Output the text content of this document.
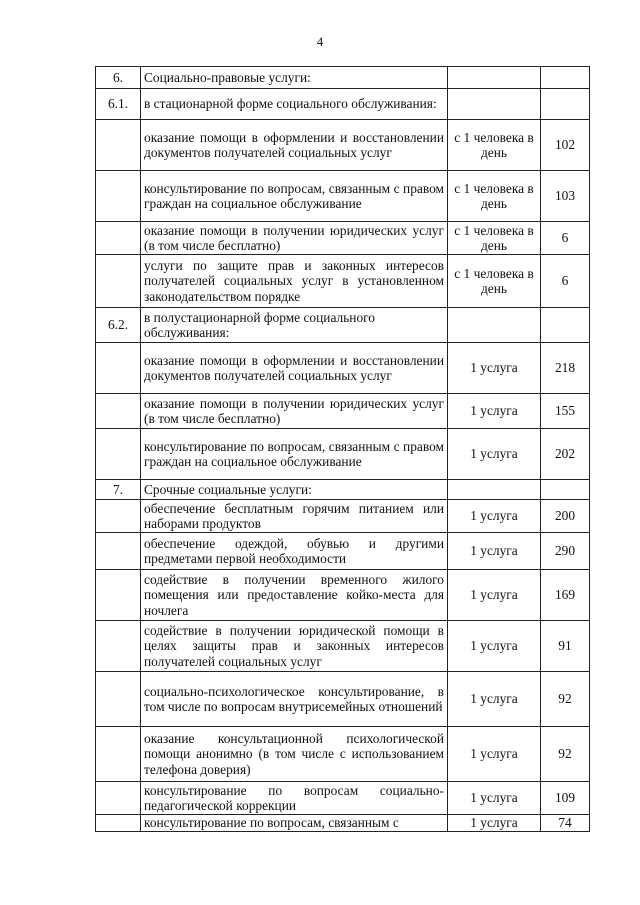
4
6.	Социально-правовые услуги:		
6.1.	в стационарной форме социального обслуживания:		
	оказание помощи в оформлении и восстановлении документов получателей социальных услуг	с 1 человека в день	102
	консультирование по вопросам, связанным с правом граждан на социальное обслуживание	с 1 человека в день	103
	оказание помощи в получении юридических услуг (в том числе бесплатно)	с 1 человека в день	6
	услуги по защите прав и законных интересов получателей социальных услуг в установленном законодательством порядке	с 1 человека в день	6
6.2.	в полустационарной форме социального обслуживания:		
	оказание помощи в оформлении и восстановлении документов получателей социальных услуг	1 услуга	218
	оказание помощи в получении юридических услуг (в том числе бесплатно)	1 услуга	155
	консультирование по вопросам, связанным с правом граждан на социальное обслуживание	1 услуга	202
7.	Срочные социальные услуги:		
	обеспечение бесплатным горячим питанием или наборами продуктов	1 услуга	200
	обеспечение одеждой, обувью и другими предметами первой необходимости	1 услуга	290
	содействие в получении временного жилого помещения или предоставление койко-места для ночлега	1 услуга	169
	содействие в получении юридической помощи в целях защиты прав и законных интересов получателей социальных услуг	1 услуга	91
	социально-психологическое консультирование, в том числе по вопросам внутрисемейных отношений	1 услуга	92
	оказание консультационной психологической помощи анонимно (в том числе с использованием телефона доверия)	1 услуга	92
	консультирование по вопросам социально-педагогической коррекции	1 услуга	109
	консультирование по вопросам, связанным с	1 услуга	74
